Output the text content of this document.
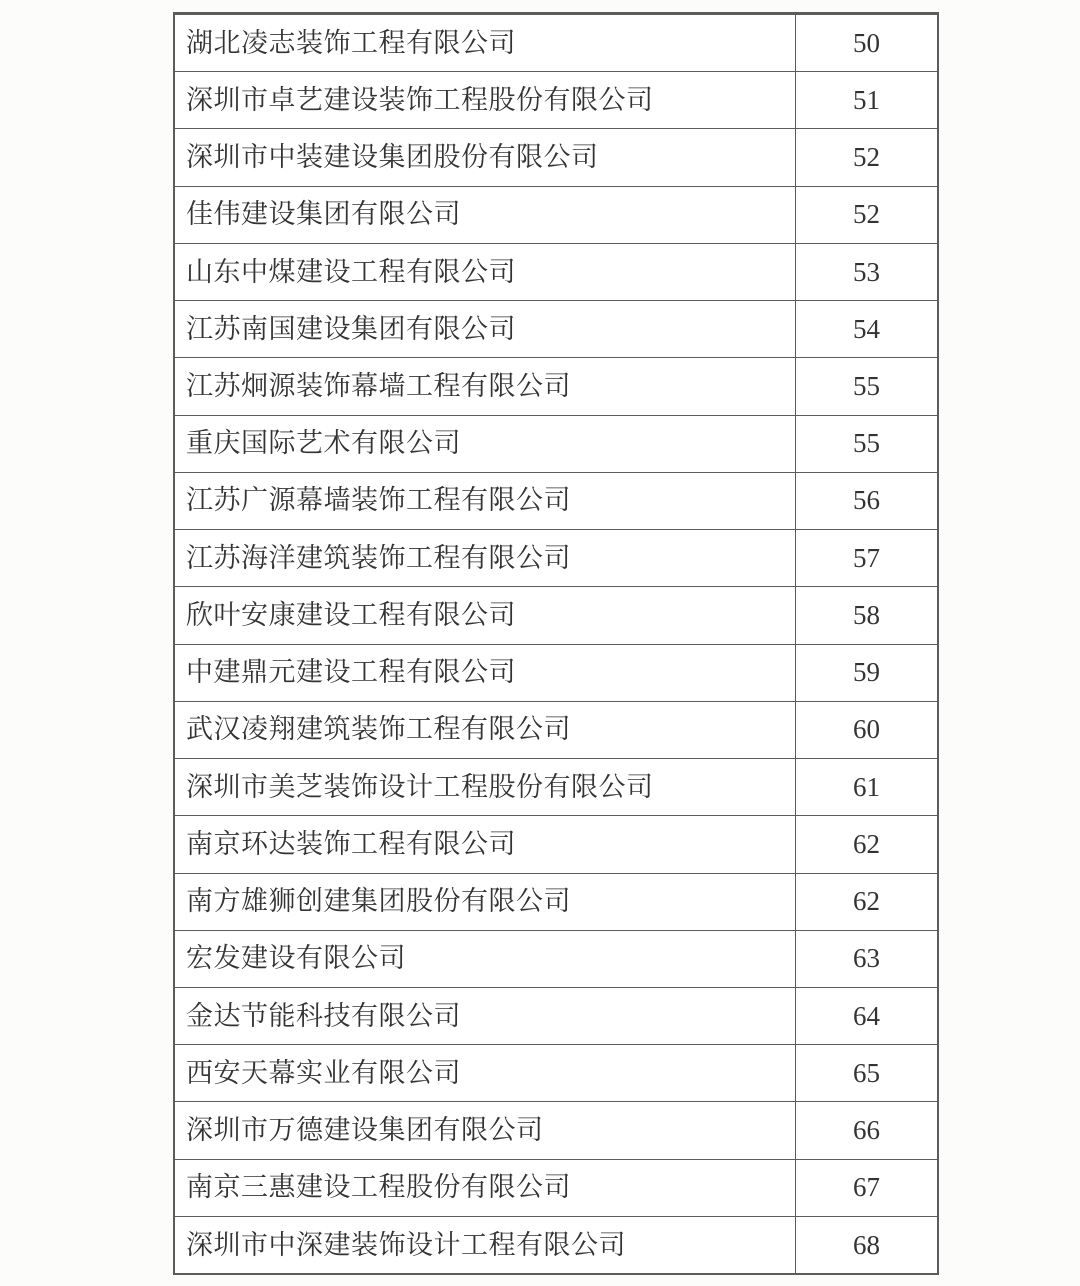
湖北凌志装饰工程有限公司	50
深圳市卓艺建设装饰工程股份有限公司	51
深圳市中装建设集团股份有限公司	52
佳伟建设集团有限公司	52
山东中煤建设工程有限公司	53
江苏南国建设集团有限公司	54
江苏炯源装饰幕墙工程有限公司	55
重庆国际艺术有限公司	55
江苏广源幕墙装饰工程有限公司	56
江苏海洋建筑装饰工程有限公司	57
欣叶安康建设工程有限公司	58
中建鼎元建设工程有限公司	59
武汉凌翔建筑装饰工程有限公司	60
深圳市美芝装饰设计工程股份有限公司	61
南京环达装饰工程有限公司	62
南方雄狮创建集团股份有限公司	62
宏发建设有限公司	63
金达节能科技有限公司	64
西安天幕实业有限公司	65
深圳市万德建设集团有限公司	66
南京三惠建设工程股份有限公司	67
深圳市中深建装饰设计工程有限公司	68
